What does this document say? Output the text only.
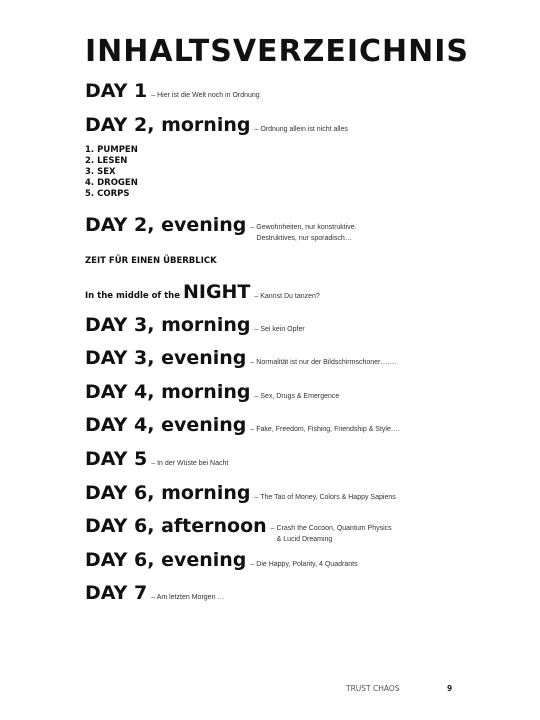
INHALTSVERZEICHNIS
DAY 1 – Hier ist die Welt noch in Ordnung
DAY 2, morning – Ordnung allein ist nicht alles
1. PUMPEN
2. LESEN
3. SEX
4. DROGEN
5. CORPS
DAY 2, evening – Gewohnheiten, nur konstruktive.
Destruktives, nur sporadisch…
ZEIT FÜR EINEN ÜBERBLICK
In the middle of the NIGHT – Kannst Du tanzen?
DAY 3, morning – Sei kein Opfer
DAY 3, evening – Normalität ist nur der Bildschirmschoner…….
DAY 4, morning – Sex, Drugs & Emergence
DAY 4, evening – Fake, Freedom, Fishing, Friendship & Style….
DAY 5 – In der Wüste bei Nacht
DAY 6, morning – The Tao of Money, Colors & Happy Sapiens
DAY 6, afternoon – Crash the Cocoon, Quantum Physics
& Lucid Dreaming
DAY 6, evening – Die Happy, Polarity, 4 Quadrants
DAY 7 – Am letzten Morgen …
TRUST CHAOS	9
